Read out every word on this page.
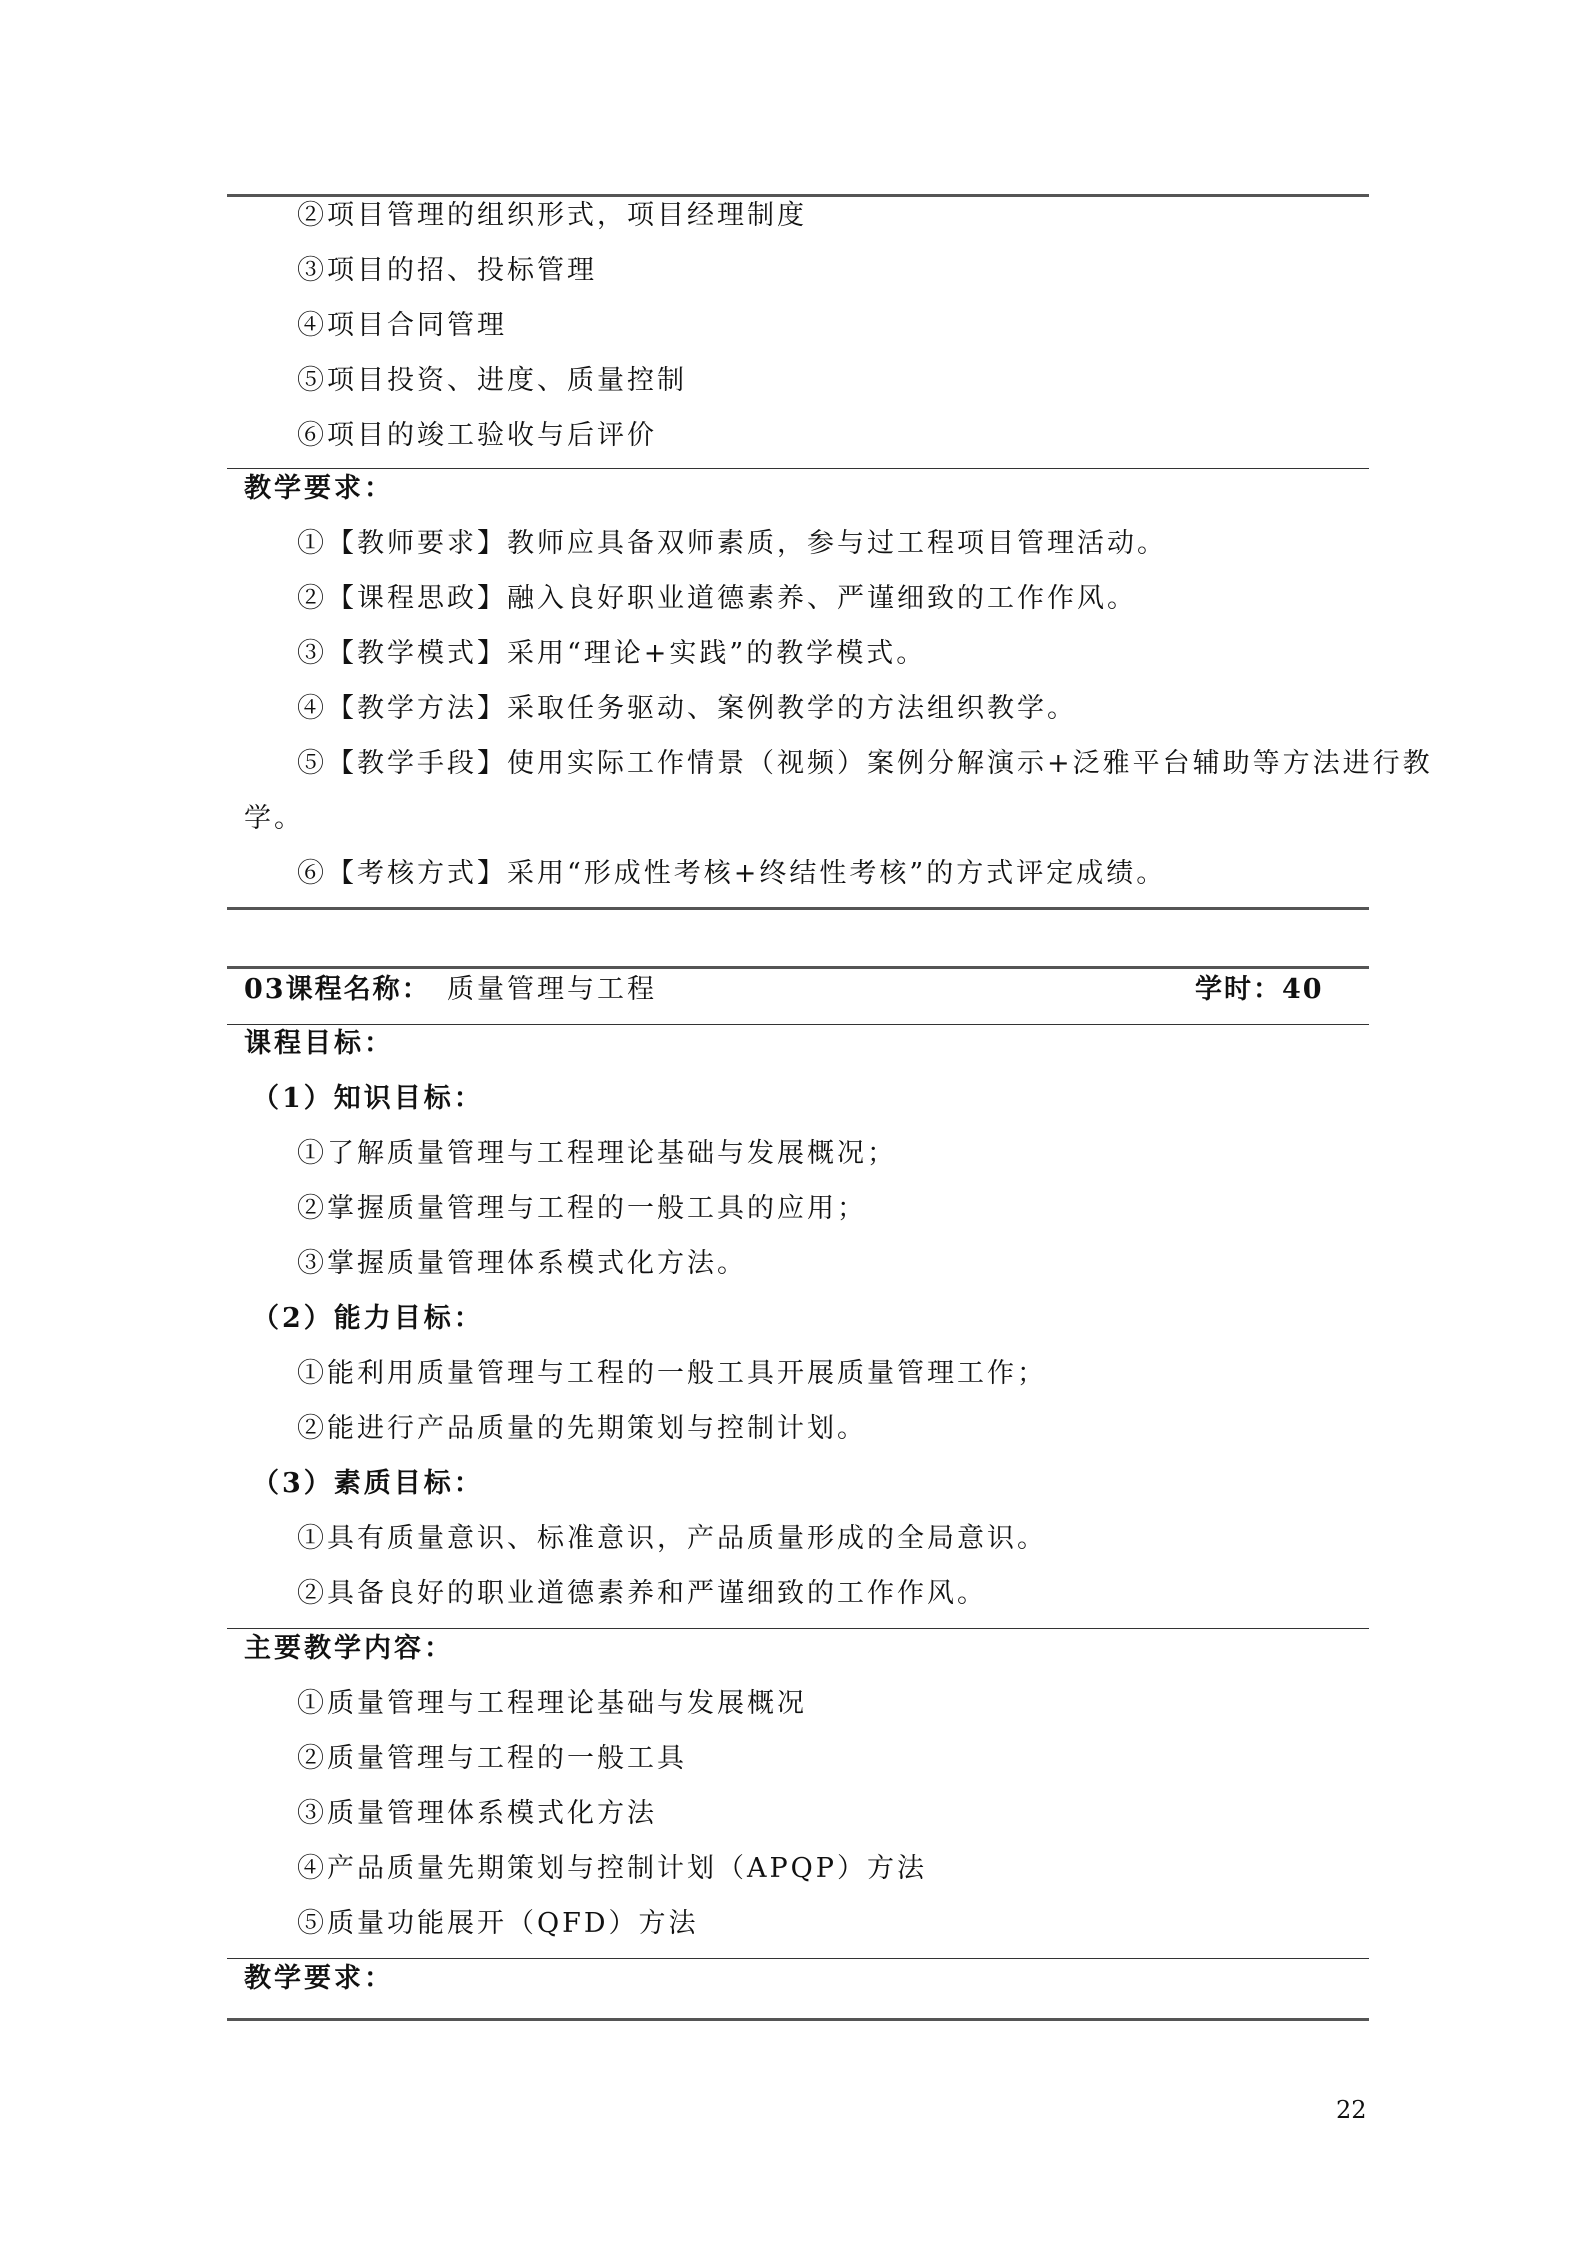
②项目管理的组织形式，项目经理制度
③项目的招、投标管理
④项目合同管理
⑤项目投资、进度、质量控制
⑥项目的竣工验收与后评价
教学要求：
①【教师要求】教师应具备双师素质，参与过工程项目管理活动。
②【课程思政】融入良好职业道德素养、严谨细致的工作作风。
③【教学模式】采用“理论+实践”的教学模式。
④【教学方法】采取任务驱动、案例教学的方法组织教学。
⑤【教学手段】使用实际工作情景（视频）案例分解演示+泛雅平台辅助等方法进行教
学。
⑥【考核方式】采用“形成性考核+终结性考核”的方式评定成绩。
03课程名称： 质量管理与工程	学时：40
课程目标：
（1）知识目标：
①了解质量管理与工程理论基础与发展概况；
②掌握质量管理与工程的一般工具的应用；
③掌握质量管理体系模式化方法。
（2）能力目标：
①能利用质量管理与工程的一般工具开展质量管理工作；
②能进行产品质量的先期策划与控制计划。
（3）素质目标：
①具有质量意识、标准意识，产品质量形成的全局意识。
②具备良好的职业道德素养和严谨细致的工作作风。
主要教学内容：
①质量管理与工程理论基础与发展概况
②质量管理与工程的一般工具
③质量管理体系模式化方法
④产品质量先期策划与控制计划（APQP）方法
⑤质量功能展开（QFD）方法
教学要求：
22
